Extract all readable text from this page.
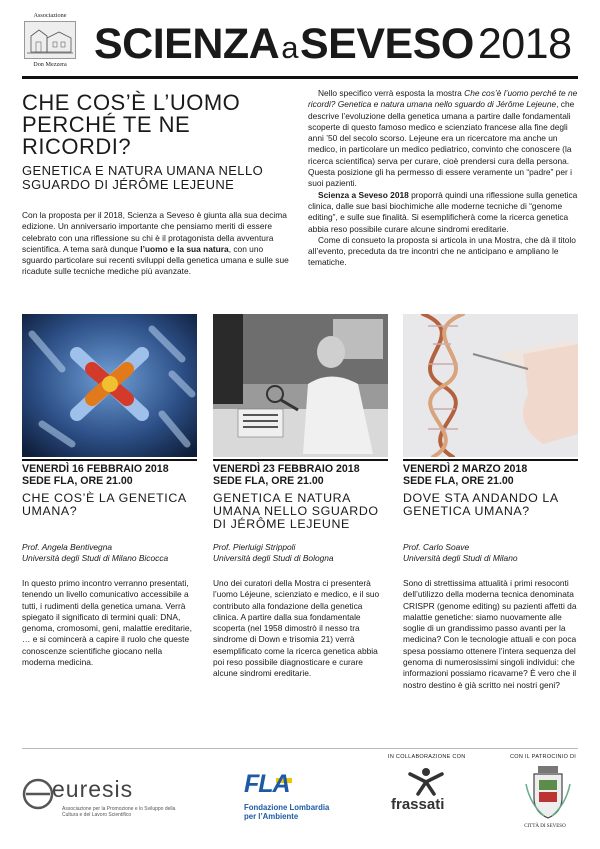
Associazione
Don Mezzera SCIENZAaSEVESO2018
CHE COS’È L’UOMO PERCHÉ TE NE RICORDI?
GENETICA E NATURA UMANA NELLO SGUARDO DI JÉRÔME LEJEUNE

Con la proposta per il 2018, Scienza a Seveso è giunta alla sua decima edizione. Un anniversario importante che pensiamo meriti di essere celebrato con una riflessione su chi è il protagonista della avventura scientifica. A tema sarà dunque l’uomo e la sua natura, con uno sguardo particolare sui recenti sviluppi della genetica umana e sulle sue ricadute sulle tecniche mediche più avanzate.

Nello specifico verrà esposta la mostra Che cos’è l’uomo perché te ne ricordi? Genetica e natura umana nello sguardo di Jérôme Lejeune, che descrive l’evoluzione della genetica umana a partire dalle fondamentali scoperte di questo famoso medico e scienziato francese alla fine degli anni ’50 del secolo scorso. Lejeune era un ricercatore ma anche un medico, in particolare un medico pediatrico, convinto che conoscere (la ricerca scientifica) serva per curare, cioè prendersi cura della persona. Questa posizione gli ha permesso di essere veramente un “padre” per i suoi pazienti.

Scienza a Seveso 2018 proporrà quindi una riflessione sulla genetica clinica, dalle sue basi biochimiche alle moderne tecniche di “genome editing”, e sulle sue finalità. Si esemplificherà come la ricerca genetica abbia reso possibile curare alcune sindromi ereditarie.

Come di consueto la proposta si articola in una Mostra, che dà il titolo all’evento, preceduta da tre incontri che ne anticipano e ampliano le tematiche.

VENERDÌ 16 FEBBRAIO 2018
SEDE FLA, ORE 21.00
CHE COS’È LA GENETICA UMANA?
Prof. Angela Bentivegna
Università degli Studi di Milano Bicocca
In questo primo incontro verranno presentati, tenendo un livello comunicativo accessibile a tutti, i rudimenti della genetica umana. Verrà spiegato il significato di termini quali: DNA, genoma, cromosomi, geni, malattie ereditarie, … e si comincerà a capire il ruolo che queste conoscenze scientifiche giocano nella moderna medicina.
VENERDÌ 23 FEBBRAIO 2018
SEDE FLA, ORE 21.00
GENETICA E NATURA UMANA NELLO SGUARDO DI JÉRÔME LEJEUNE
Prof. Pierluigi Strippoli
Università degli Studi di Bologna
Uno dei curatori della Mostra ci presenterà l’uomo Léjeune, scienziato e medico, e il suo contributo alla fondazione della genetica clinica. A partire dalla sua fondamentale scoperta (nel 1958 dimostrò il nesso tra sindrome di Down e trisomia 21) verrà esemplificato come la ricerca genetica abbia poi reso possibile diagnosticare e curare alcune sindromi ereditarie.
VENERDÌ 2 MARZO 2018
SEDE FLA, ORE 21.00
DOVE STA ANDANDO LA GENETICA UMANA?
Prof. Carlo Soave
Università degli Studi di Milano
Sono di strettissima attualità i primi resoconti dell’utilizzo della moderna tecnica denominata CRISPR (genome editing) su pazienti affetti da malattie genetiche: siamo nuovamente alle soglie di un grandissimo passo avanti per la medicina? Con le tecnologie attuali e con poca spesa possiamo ottenere l’intera sequenza del genoma di numerosissimi singoli individui: che informazioni possiamo ricavarne? È vero che il nostro destino è già scritto nei nostri geni?
IN COLLABORAZIONE CON	CON IL PATROCINIO DI
euresis
Associazione per la Promozione e lo Sviluppo della Cultura e del Lavoro Scientifico
FLA
Fondazione Lombardia
per l’Ambiente
frassati
CITTÀ DI SEVESO
